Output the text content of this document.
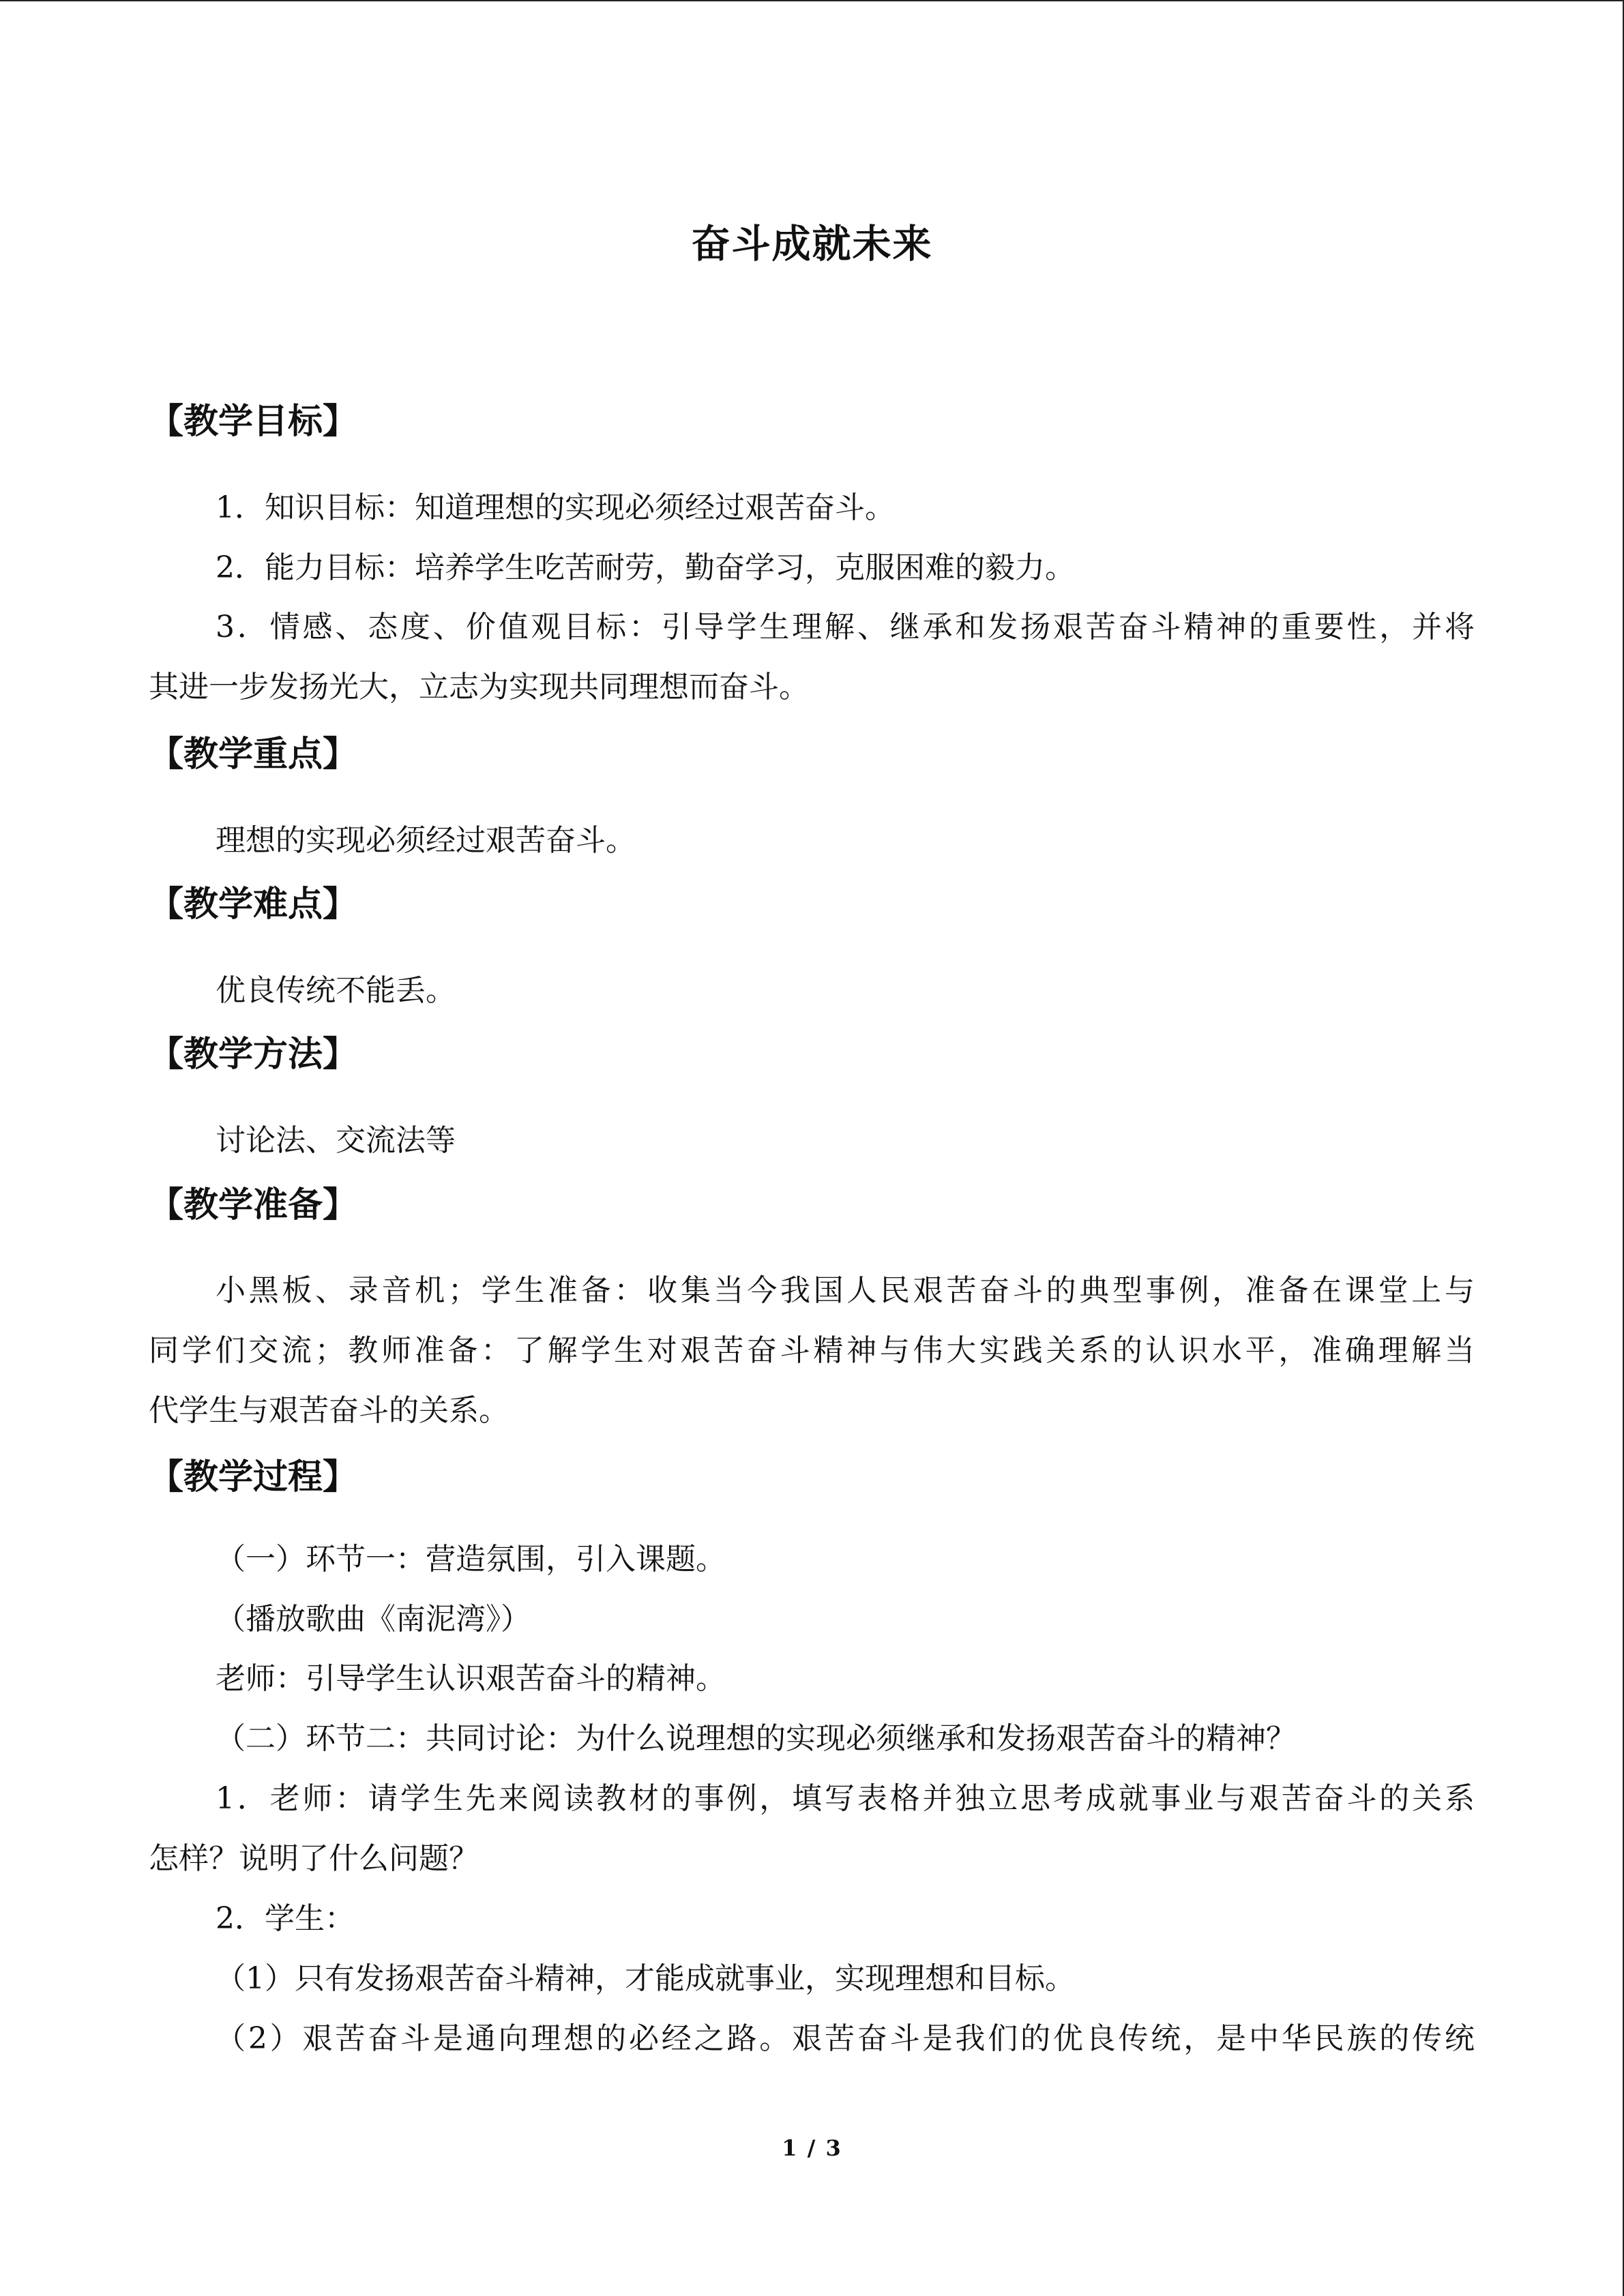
奋斗成就未来
【教学目标】
1．知识目标：知道理想的实现必须经过艰苦奋斗。
2．能力目标：培养学生吃苦耐劳，勤奋学习，克服困难的毅力。
3．情感、态度、价值观目标：引导学生理解、继承和发扬艰苦奋斗精神的重要性，并将
其进一步发扬光大，立志为实现共同理想而奋斗。
【教学重点】
理想的实现必须经过艰苦奋斗。
【教学难点】
优良传统不能丢。
【教学方法】
讨论法、交流法等
【教学准备】
小黑板、录音机；学生准备：收集当今我国人民艰苦奋斗的典型事例，准备在课堂上与
同学们交流；教师准备：了解学生对艰苦奋斗精神与伟大实践关系的认识水平，准确理解当
代学生与艰苦奋斗的关系。
【教学过程】
（一）环节一：营造氛围，引入课题。
（播放歌曲《南泥湾》）
老师：引导学生认识艰苦奋斗的精神。
（二）环节二：共同讨论：为什么说理想的实现必须继承和发扬艰苦奋斗的精神？
1．老师：请学生先来阅读教材的事例，填写表格并独立思考成就事业与艰苦奋斗的关系
怎样？说明了什么问题？
2．学生：
（1）只有发扬艰苦奋斗精神，才能成就事业，实现理想和目标。
（2）艰苦奋斗是通向理想的必经之路。艰苦奋斗是我们的优良传统，是中华民族的传统
1 / 3
